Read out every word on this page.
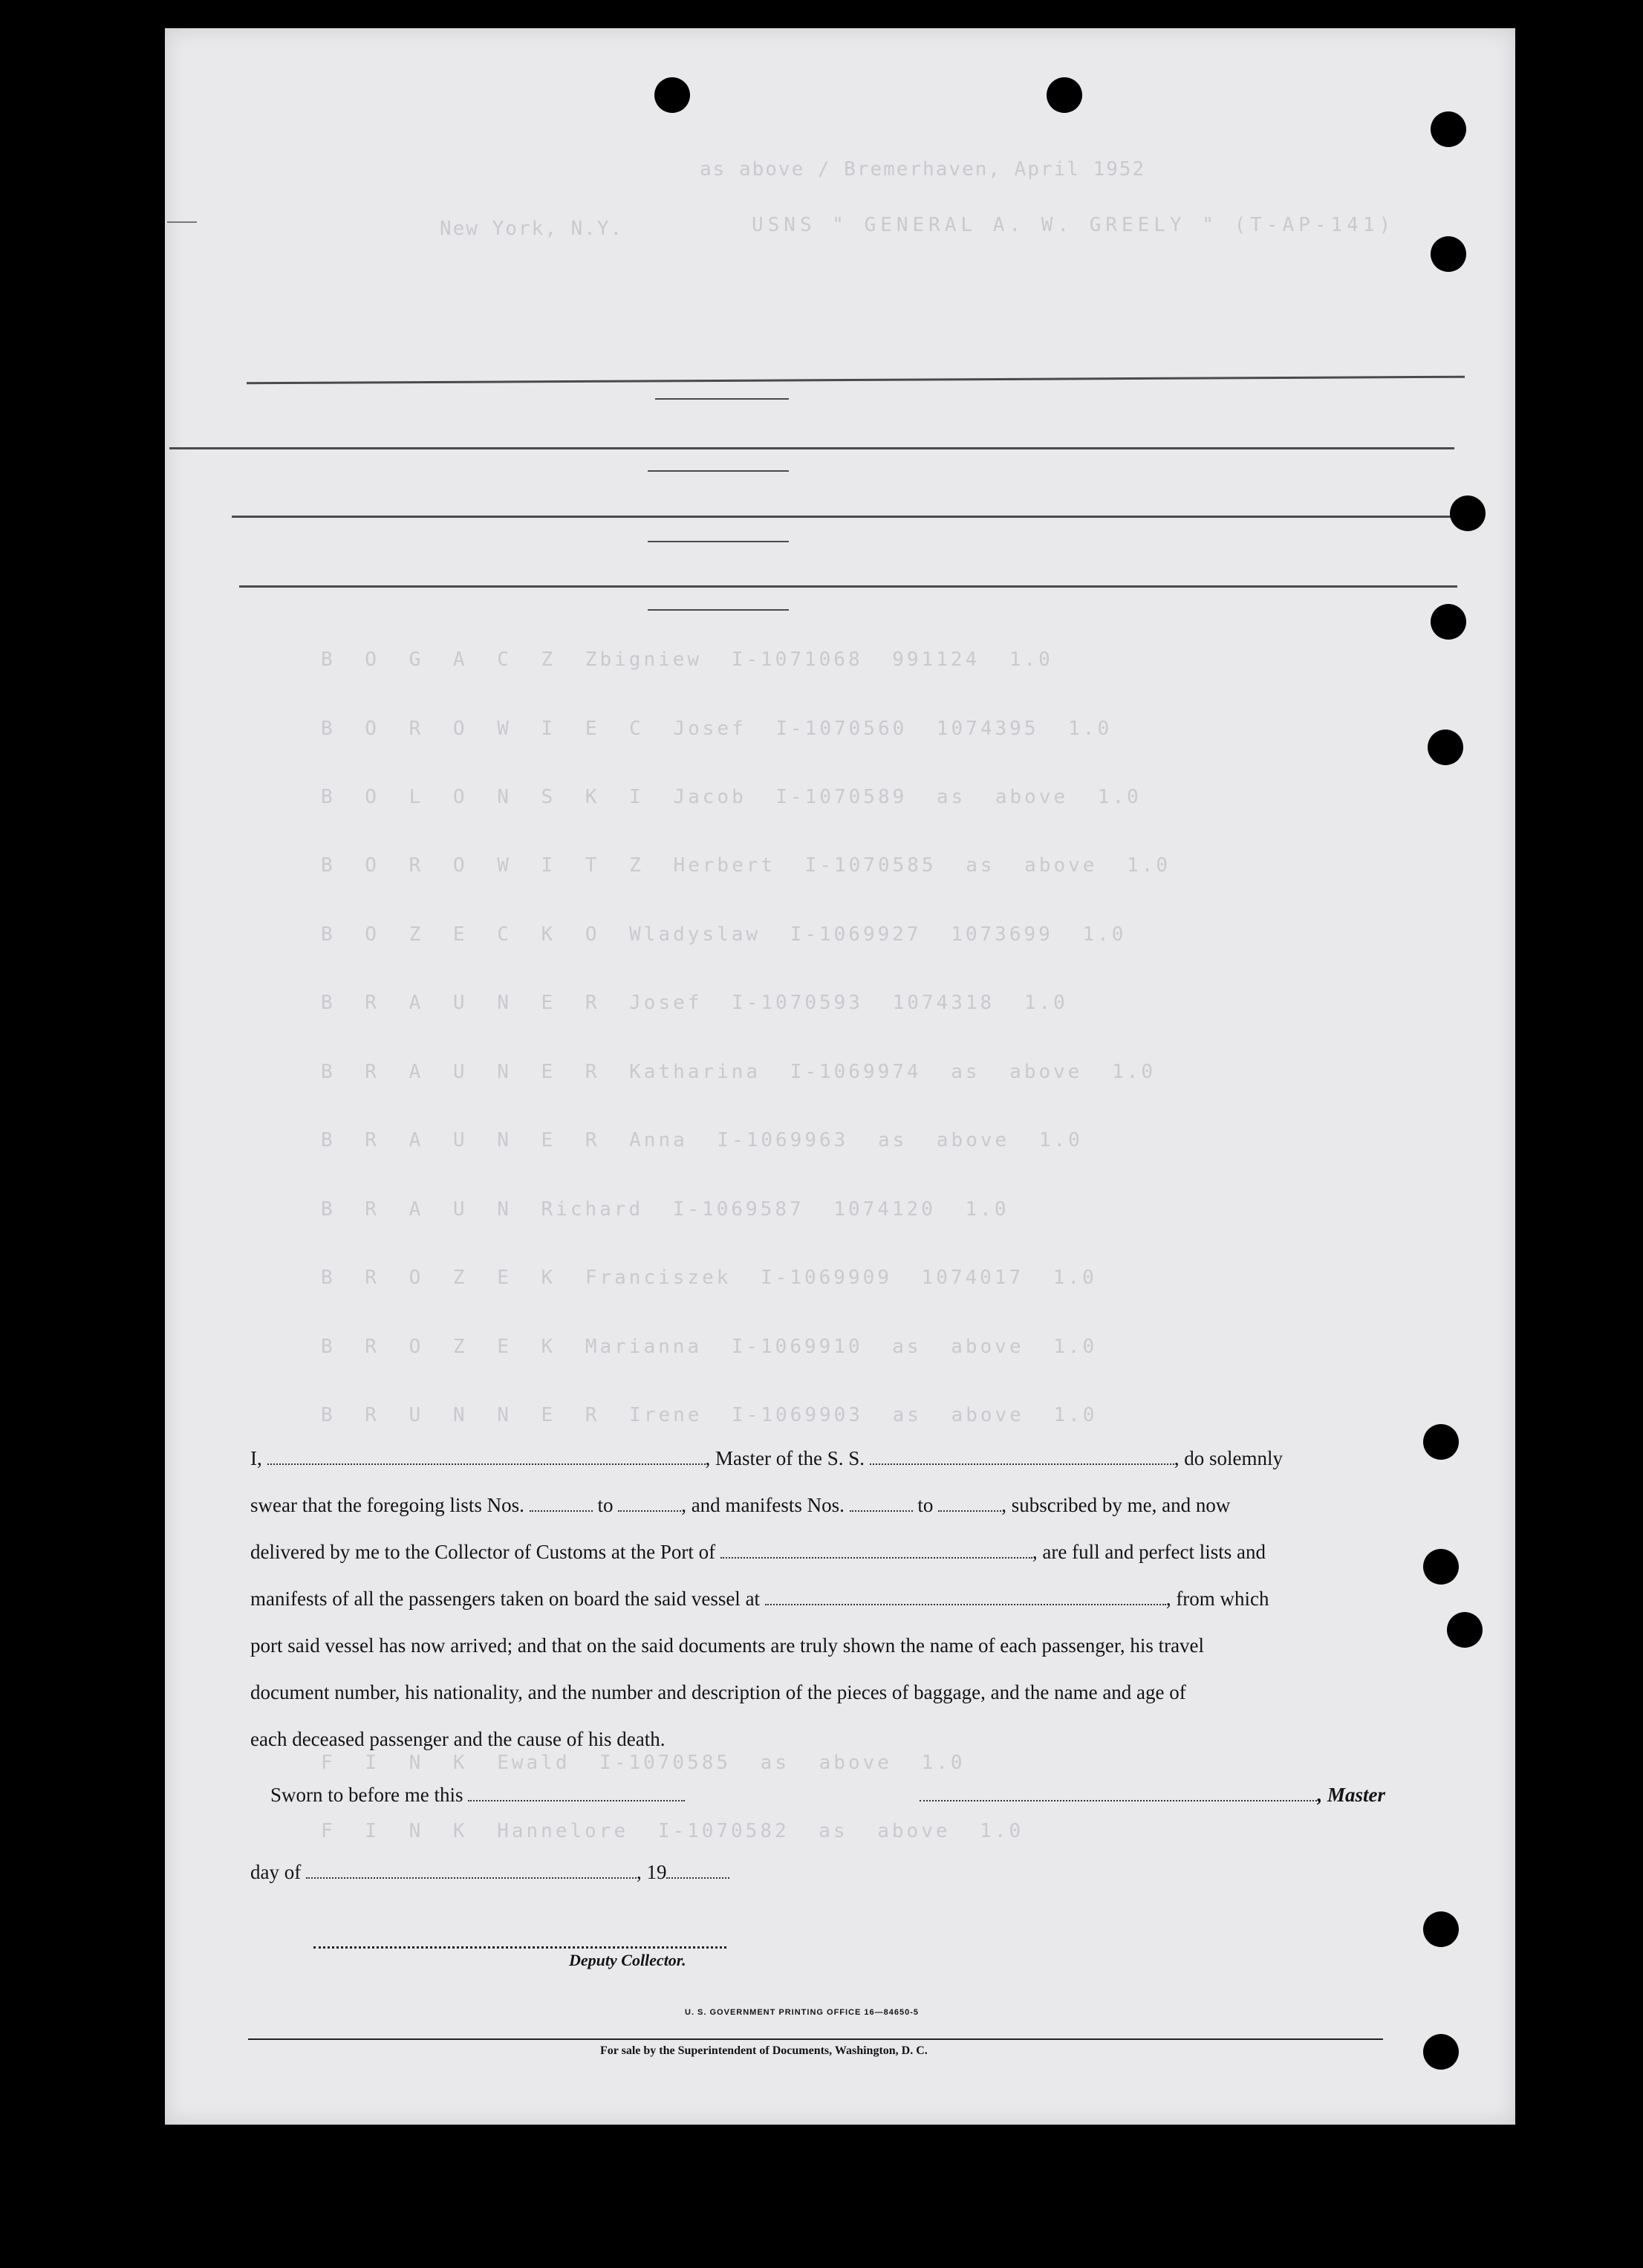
USNS " GENERAL A. W. GREELY " (T-AP-141)
as above / Bremerhaven, April 1952
New York, N.Y.
B O G A C Z Zbigniew I-1071068 991124 1.0
B O R O W I E C Josef I-1070560 1074395 1.0
B O L O N S K I Jacob I-1070589 as above 1.0
B O R O W I T Z Herbert I-1070585 as above 1.0
B O Z E C K O Wladyslaw I-1069927 1073699 1.0
B R A U N E R Josef I-1070593 1074318 1.0
B R A U N E R Katharina I-1069974 as above 1.0
B R A U N E R Anna I-1069963 as above 1.0
B R A U N Richard I-1069587 1074120 1.0
B R O Z E K Franciszek I-1069909 1074017 1.0
B R O Z E K Marianna I-1069910 as above 1.0
B R U N N E R Irene I-1069903 as above 1.0
F I N K Ewald I-1070585 as above 1.0
F I N K Hannelore I-1070582 as above 1.0

I,	, Master of the S. S.	, do solemnly

swear that the foregoing lists Nos.	to	, and manifests Nos.	to	, subscribed by me, and now

delivered by me to the Collector of Customs at the Port of	, are full and perfect lists and

manifests of all the passengers taken on board the said vessel at	, from which

port said vessel has now arrived; and that on the said documents are truly shown the name of each passenger, his travel

document number, his nationality, and the number and description of the pieces of baggage, and the name and age of

each deceased passenger and the cause of his death.

Sworn to before me this	, Master
day of	, 19
Deputy Collector.
U. S. GOVERNMENT PRINTING OFFICE 16—84650-5
For sale by the Superintendent of Documents, Washington, D. C.
